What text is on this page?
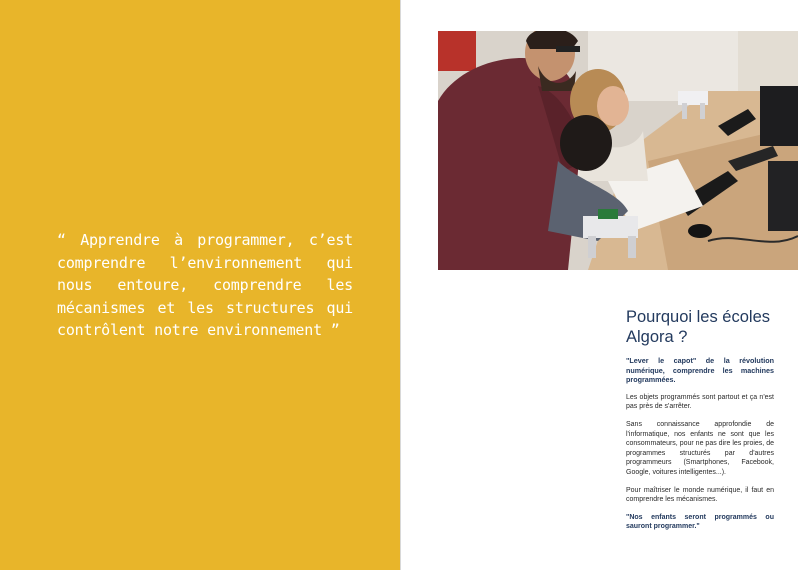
“ Apprendre à programmer, c’est comprendre l’environnement qui nous entoure, comprendre les mécanismes et les structures qui contrôlent notre environnement ”
Pourquoi les écoles Algora ?

"Lever le capot" de la révolution numérique, comprendre les machines programmées.

Les objets programmés sont partout et ça n'est pas près de s'arrêter.

Sans connaissance approfondie de l'informatique, nos enfants ne sont que les consommateurs, pour ne pas dire les proies, de programmes structurés par d'autres programmeurs (Smartphones, Facebook, Google, voitures intelligentes...).

Pour maîtriser le monde numérique, il faut en comprendre les mécanismes.

"Nos enfants seront programmés ou sauront programmer."
